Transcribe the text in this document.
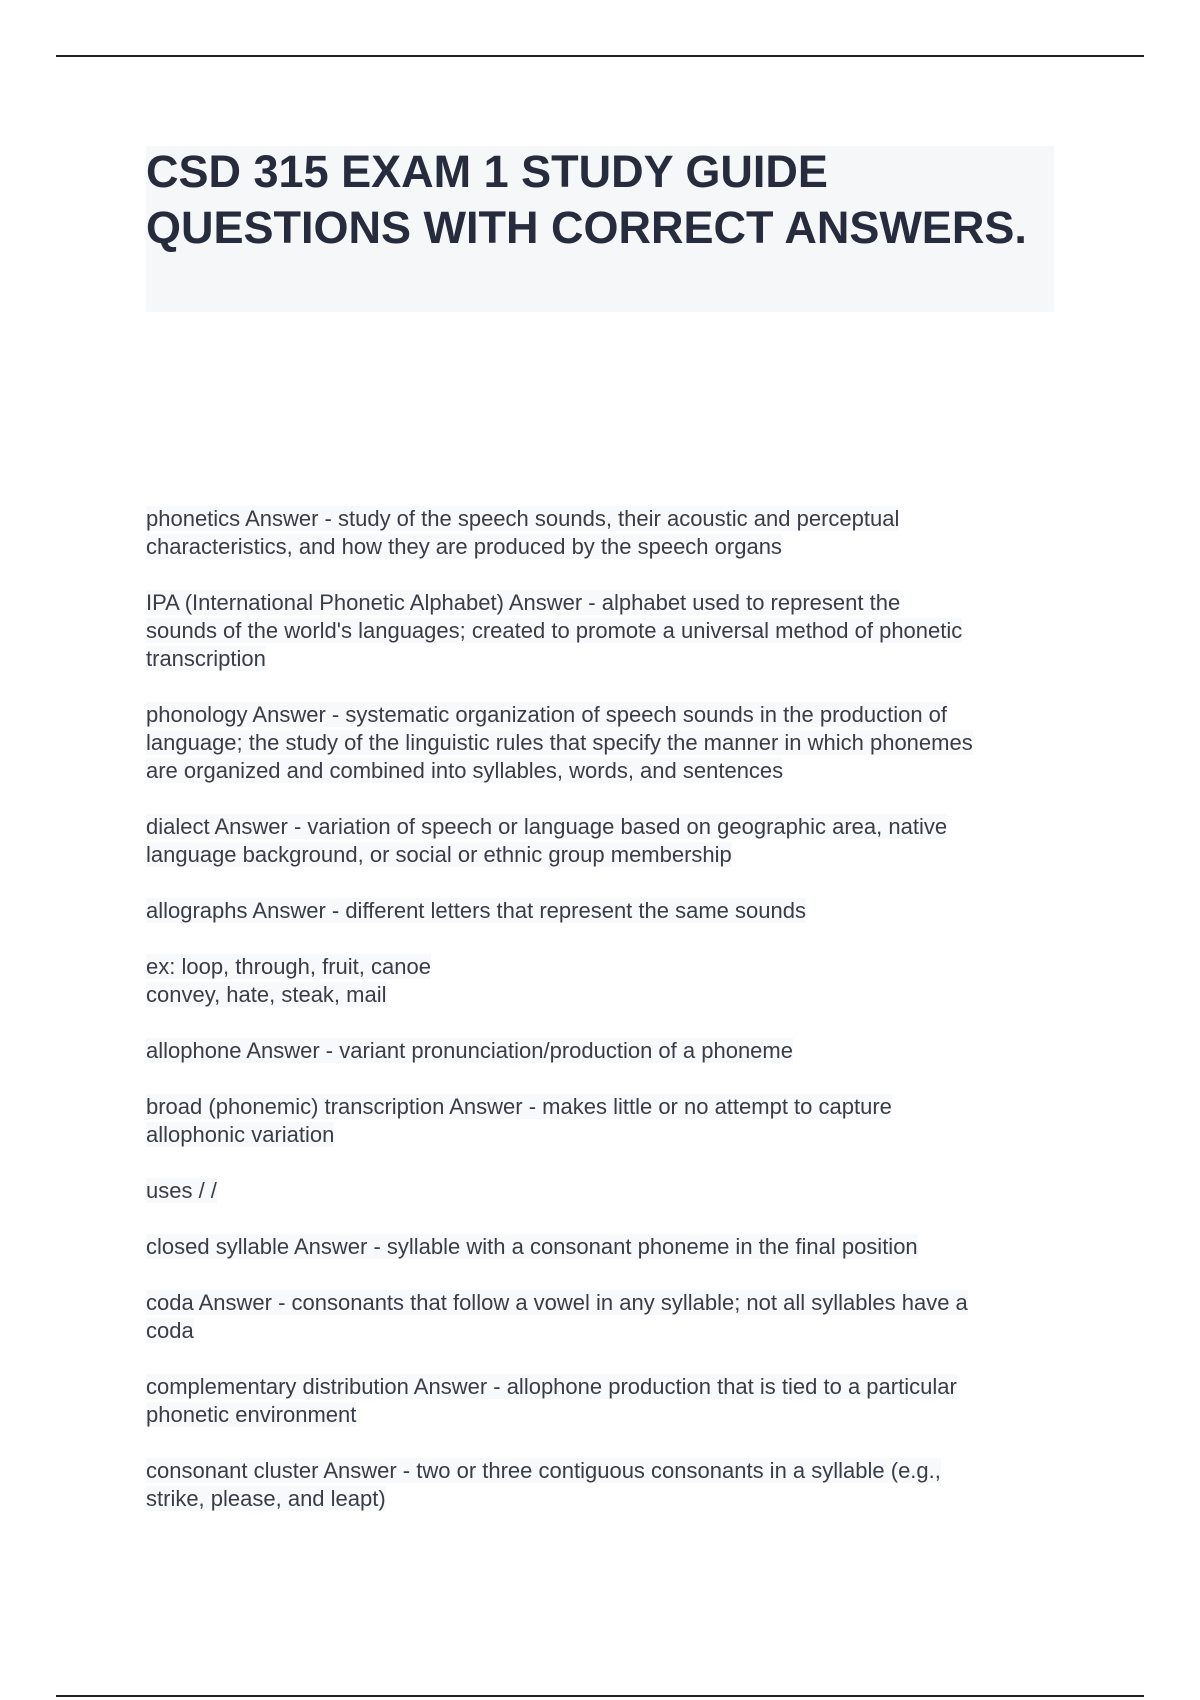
CSD 315 EXAM 1 STUDY GUIDE QUESTIONS WITH CORRECT ANSWERS.

phonetics Answer - study of the speech sounds, their acoustic and perceptual
characteristics, and how they are produced by the speech organs

IPA (International Phonetic Alphabet) Answer - alphabet used to represent the
sounds of the world's languages; created to promote a universal method of phonetic
transcription

phonology Answer - systematic organization of speech sounds in the production of
language; the study of the linguistic rules that specify the manner in which phonemes
are organized and combined into syllables, words, and sentences

dialect Answer - variation of speech or language based on geographic area, native
language background, or social or ethnic group membership

allographs Answer - different letters that represent the same sounds

ex: loop, through, fruit, canoe
convey, hate, steak, mail

allophone Answer - variant pronunciation/production of a phoneme

broad (phonemic) transcription Answer - makes little or no attempt to capture
allophonic variation

uses / /

closed syllable Answer - syllable with a consonant phoneme in the final position

coda Answer - consonants that follow a vowel in any syllable; not all syllables have a
coda

complementary distribution Answer - allophone production that is tied to a particular
phonetic environment

consonant cluster Answer - two or three contiguous consonants in a syllable (e.g.,
strike, please, and leapt)
